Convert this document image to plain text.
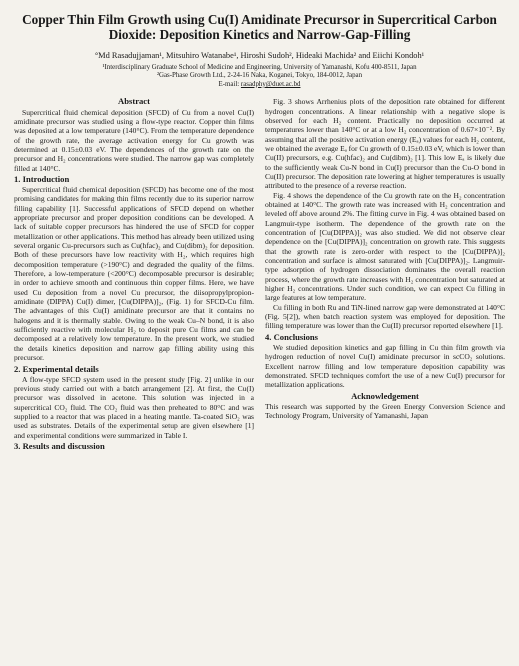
Copper Thin Film Growth using Cu(I) Amidinate Precursor in Supercritical Carbon Dioxide: Deposition Kinetics and Narrow-Gap-Filling
°Md Rasadujjaman¹, Mitsuhiro Watanabe¹, Hiroshi Sudoh², Hideaki Machida² and Eiichi Kondoh¹
¹Interdisciplinary Graduate School of Medicine and Engineering, University of Yamanashi, Kofu 400-8511, Japan
²Gas-Phase Growth Ltd., 2-24-16 Naka, Koganei, Tokyo, 184-0012, Japan
E-mail: rasadphy@duet.ac.bd
Abstract

Supercritical fluid chemical deposition (SFCD) of Cu from a novel Cu(I) amidinate precursor was studied using a flow-type reactor. Copper thin films was deposited at a low temperature (140°C). From the temperature dependence of the growth rate, the average activation energy for Cu growth was determined at 0.15±0.03 eV. The dependences of the growth rate on the precursor and H₂ concentrations were studied. The narrow gap was completely filled at 140°C.

1. Introduction

Supercritical fluid chemical deposition (SFCD) has become one of the most promising candidates for making thin films recently due to its superior narrow filling capability [1]. Successful applications of SFCD depend on whether appropriate precursor and proper deposition conditions can be developed. A lack of suitable copper precursors has hindered the use of SFCD for copper metallization or other applications. This method has already been utilized using several organic Cu-precursors such as Cu(hfac)₂ and Cu(dibm)₂ for deposition. Both of these precursors have low reactivity with H₂, which requires high decomposition temperature (>190°C) and degraded the quality of the films. Therefore, a low-temperature (<200°C) decomposable precursor is desirable; in order to achieve smooth and continuous thin copper films. Here, we have used Cu deposition from a novel Cu precursor, the diisopropylpropion-amidinate (DIPPA) Cu(I) dimer, [Cu(DIPPA)]₂, (Fig. 1) for SFCD-Cu film. The advantages of this Cu(I) amidinate precursor are that it contains no halogens and it is thermally stable. Owing to the weak Cu–N bond, it is also sufficiently reactive with molecular H₂ to deposit pure Cu films and can be decomposed at a relatively low temperature. In the present work, we studied the details kinetics deposition and narrow gap filling ability using this precursor.

2. Experimental details

A flow-type SFCD system used in the present study [Fig. 2] unlike in our previous study carried out with a batch arrangement [2]. At first, the Cu(I) precursor was dissolved in acetone. This solution was injected in a supercritical CO₂ fluid. The CO₂ fluid was then preheated to 80°C and was supplied to a reactor that was placed in a heating mantle. Ta-coated SiO₂ was used as substrates. Details of the experimental setup are given elsewhere [1] and experimental conditions were summarized in Table I.

3. Results and discussion

Fig. 3 shows Arrhenius plots of the deposition rate obtained for different hydrogen concentrations. A linear relationship with a negative slope is observed for each H₂ content. Practically no deposition occurred at temperatures lower than 140°C or at a low H₂ concentration of 0.67×10⁻². By assuming that all the positive activation energy (Eₐ) values for each H₂ content, we obtained the average Eₐ for Cu growth of 0.15±0.03 eV, which is lower than Cu(II) precursors, e.g. Cu(hfac)₂ and Cu(dibm)₂ [1]. This low Eₐ is likely due to the sufficiently weak Cu-N bond in Cu(I) precursor than the Cu-O bond in Cu(II) precursor. The deposition rate lowering at higher temperatures is usually attributed to the presence of a reverse reaction.

Fig. 4 shows the dependence of the Cu growth rate on the H₂ concentration obtained at 140°C. The growth rate was increased with H₂ concentration and leveled off above around 2%. The fitting curve in Fig. 4 was obtained based on Langmuir-type isotherm. The dependence of the growth rate on the concentration of [Cu(DIPPA)]₂ was also studied. We did not observe clear dependence on the [Cu(DIPPA)]₂ concentration on growth rate. This suggests that the growth rate is zero-order with respect to the [Cu(DIPPA)]₂ concentration and surface is almost saturated with [Cu(DIPPA)]₂. Langmuir-type adsorption of hydrogen dissociation dominates the overall reaction process, where the growth rate increases with H₂ concentration but saturated at higher H₂ concentrations. Under such condition, we can expect Cu filling in large features at low temperature.

Cu filling in both Ru and TiN-lined narrow gap were demonstrated at 140°C (Fig. 5[2]), when batch reaction system was employed for deposition. The filling temperature was lower than the Cu(II) precursor reported elsewhere [1].

4. Conclusions

We studied deposition kinetics and gap filling in Cu thin film growth via hydrogen reduction of novel Cu(I) amidinate precursor in scCO₂ solutions. Excellent narrow filling and low temperature deposition capability was demonstrated. SFCD techniques comfort the use of a new Cu(I) precursor for metallization applications.

Acknowledgement

This research was supported by the Green Energy Conversion Science and Technology Program, University of Yamanashi, Japan
